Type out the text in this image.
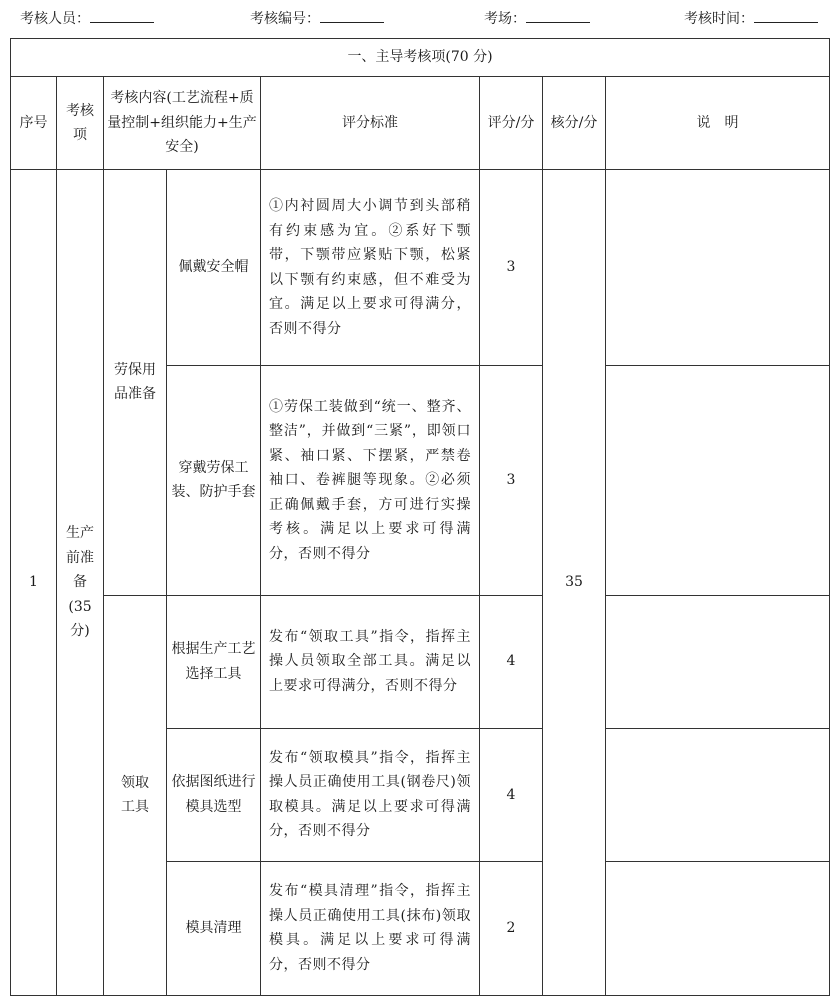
考核人员：	考核编号：	考场：	考核时间：
一、主导考核项(70 分)							
序号	考核项	考核内容(工艺流程+质量控制+组织能力+生产安全)		评分标准	评分/分	核分/分	说　明
1	生产前准备(35分)	劳保用品准备	佩戴安全帽	①内衬圆周大小调节到头部稍有约束感为宜。②系好下颚带，下颚带应紧贴下颚，松紧以下颚有约束感，但不难受为宜。满足以上要求可得满分，否则不得分	3	35	
			穿戴劳保工装、防护手套	①劳保工装做到“统一、整齐、整洁”，并做到“三紧”，即领口紧、袖口紧、下摆紧，严禁卷袖口、卷裤腿等现象。②必须正确佩戴手套，方可进行实操考核。满足以上要求可得满分，否则不得分	3		
		领取工具	根据生产工艺选择工具	发布“领取工具”指令，指挥主操人员领取全部工具。满足以上要求可得满分，否则不得分	4		
			依据图纸进行模具选型	发布“领取模具”指令，指挥主操人员正确使用工具(钢卷尺)领取模具。满足以上要求可得满分，否则不得分	4		
			模具清理	发布“模具清理”指令，指挥主操人员正确使用工具(抹布)领取模具。满足以上要求可得满分，否则不得分	2		
